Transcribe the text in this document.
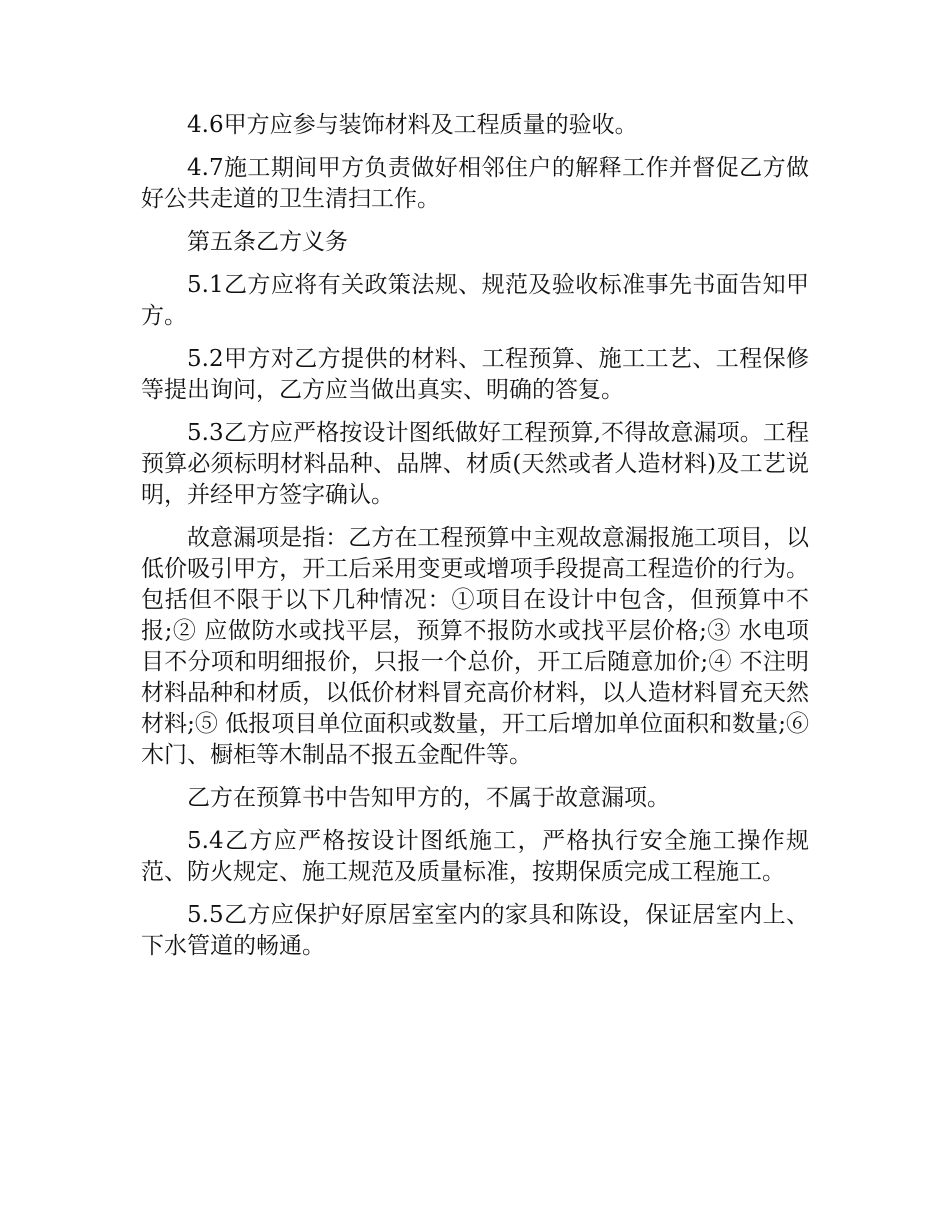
4.6甲方应参与装饰材料及工程质量的验收。

4.7施工期间甲方负责做好相邻住户的解释工作并督促乙方做好公共走道的卫生清扫工作。

第五条乙方义务

5.1乙方应将有关政策法规、规范及验收标准事先书面告知甲方。

5.2甲方对乙方提供的材料、工程预算、施工工艺、工程保修等提出询问，乙方应当做出真实、明确的答复。

5.3乙方应严格按设计图纸做好工程预算,不得故意漏项。工程预算必须标明材料品种、品牌、材质(天然或者人造材料)及工艺说明，并经甲方签字确认。

故意漏项是指：乙方在工程预算中主观故意漏报施工项目，以低价吸引甲方，开工后采用变更或增项手段提高工程造价的行为。包括但不限于以下几种情况：①项目在设计中包含，但预算中不报;② 应做防水或找平层，预算不报防水或找平层价格;③ 水电项目不分项和明细报价，只报一个总价，开工后随意加价;④ 不注明材料品种和材质，以低价材料冒充高价材料，以人造材料冒充天然材料;⑤ 低报项目单位面积或数量，开工后增加单位面积和数量;⑥ 木门、橱柜等木制品不报五金配件等。

乙方在预算书中告知甲方的，不属于故意漏项。

5.4乙方应严格按设计图纸施工，严格执行安全施工操作规范、防火规定、施工规范及质量标准，按期保质完成工程施工。

5.5乙方应保护好原居室室内的家具和陈设，保证居室内上、下水管道的畅通。
